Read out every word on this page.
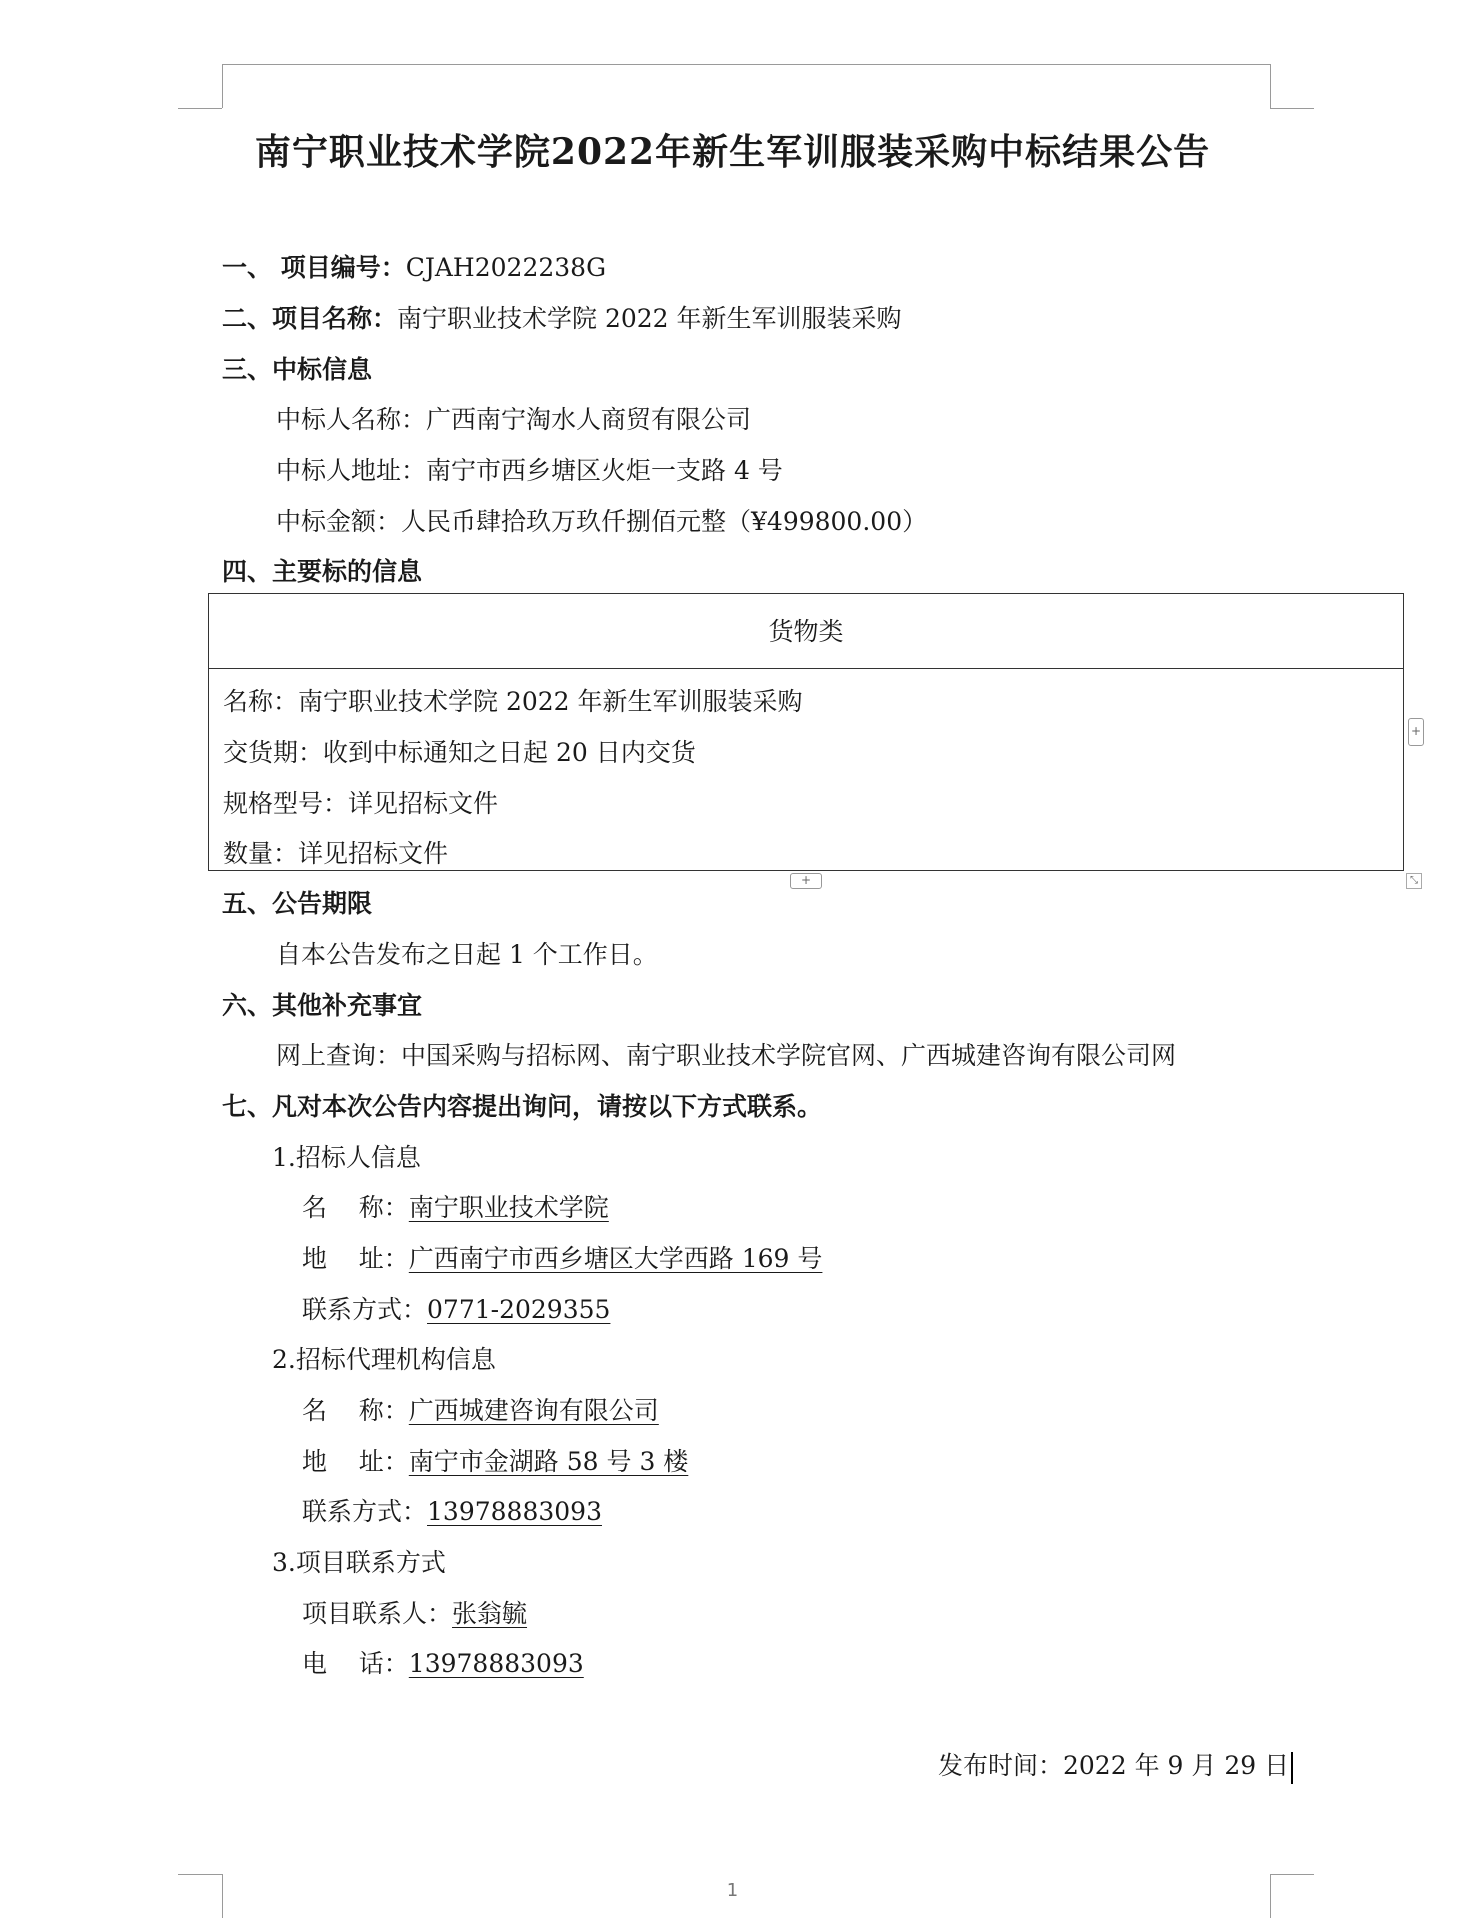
南宁职业技术学院2022年新生军训服装采购中标结果公告
一、 项目编号：CJAH2022238G
二、项目名称：南宁职业技术学院 2022 年新生军训服装采购
三、中标信息
中标人名称：广西南宁淘水人商贸有限公司
中标人地址：南宁市西乡塘区火炬一支路 4 号
中标金额：人民币肆拾玖万玖仟捌佰元整（¥499800.00）
四、主要标的信息
货物类
名称：南宁职业技术学院 2022 年新生军训服装采购
交货期：收到中标通知之日起 20 日内交货
规格型号：详见招标文件
数量：详见招标文件
+
+	⤡
五、公告期限
自本公告发布之日起 1 个工作日。
六、其他补充事宜
网上查询：中国采购与招标网、南宁职业技术学院官网、广西城建咨询有限公司网
七、凡对本次公告内容提出询问，请按以下方式联系。
1.招标人信息
名    称：南宁职业技术学院
地    址：广西南宁市西乡塘区大学西路 169 号
联系方式：0771-2029355
2.招标代理机构信息
名    称：广西城建咨询有限公司
地    址：南宁市金湖路 58 号 3 楼
联系方式：13978883093
3.项目联系方式
项目联系人：张翁毓
电    话：13978883093
发布时间：2022 年 9 月 29 日
1
